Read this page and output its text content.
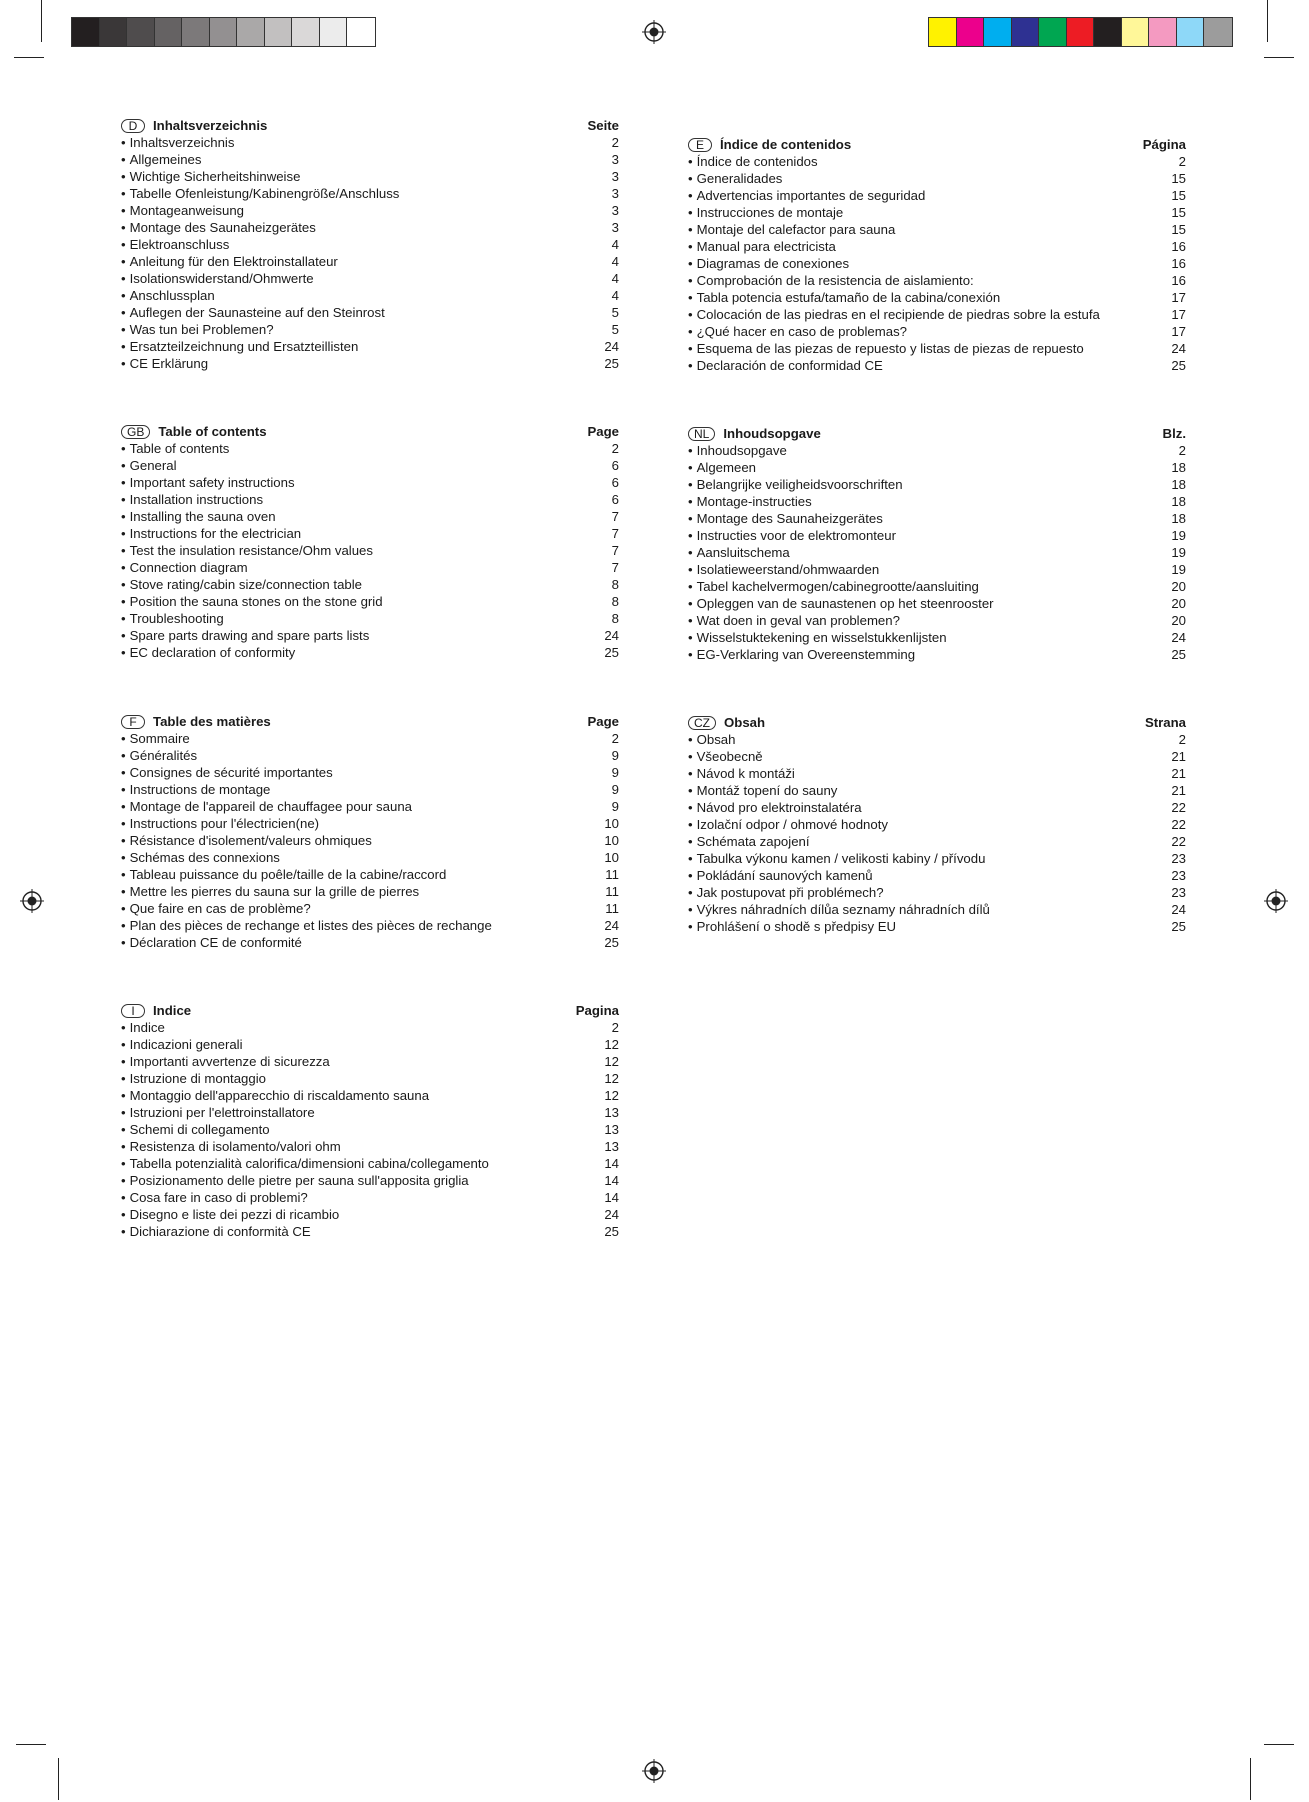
D	Inhaltsverzeichnis	Seite
• Inhaltsverzeichnis	2
• Allgemeines	3
• Wichtige Sicherheitshinweise	3
• Tabelle Ofenleistung/Kabinengröße/Anschluss	3
• Montageanweisung	3
• Montage des Saunaheizgerätes	3
• Elektroanschluss	4
• Anleitung für den Elektroinstallateur	4
• Isolationswiderstand/Ohmwerte	4
• Anschlussplan	4
• Auflegen der Saunasteine auf den Steinrost	5
• Was tun bei Problemen?	5
• Ersatzteilzeichnung und Ersatzteillisten	24
• CE Erklärung	25
E	Índice de contenidos	Página
• Índice de contenidos	2
• Generalidades	15
• Advertencias importantes de seguridad	15
• Instrucciones de montaje	15
• Montaje del calefactor para sauna	15
• Manual para electricista	16
• Diagramas de conexiones	16
• Comprobación de la resistencia de aislamiento:	16
• Tabla potencia estufa/tamaño de la cabina/conexión	17
• Colocación de las piedras en el recipiende de piedras sobre la estufa	17
• ¿Qué hacer en caso de problemas?	17
• Esquema de las piezas de repuesto y listas de piezas de repuesto	24
• Declaración de conformidad CE	25
GB	Table of contents	Page
• Table of contents	2
• General	6
• Important safety instructions	6
• Installation instructions	6
• Installing the sauna oven	7
• Instructions for the electrician	7
• Test the insulation resistance/Ohm values	7
• Connection diagram	7
• Stove rating/cabin size/connection table	8
• Position the sauna stones on the stone grid	8
• Troubleshooting	8
• Spare parts drawing and spare parts lists	24
• EC declaration of conformity	25
NL	Inhoudsopgave	Blz.
• Inhoudsopgave	2
• Algemeen	18
• Belangrijke veiligheidsvoorschriften	18
• Montage-instructies	18
• Montage des Saunaheizgerätes	18
• Instructies voor de elektromonteur	19
• Aansluitschema	19
• Isolatieweerstand/ohmwaarden	19
• Tabel kachelvermogen/cabinegrootte/aansluiting	20
• Opleggen van de saunastenen op het steenrooster	20
• Wat doen in geval van problemen?	20
• Wisselstuktekening en wisselstukkenlijsten	24
• EG-Verklaring van Overeenstemming	25
F	Table des matières	Page
• Sommaire	2
• Généralités	9
• Consignes de sécurité importantes	9
• Instructions de montage	9
• Montage de l'appareil de chauffagee pour sauna	9
• Instructions pour l'électricien(ne)	10
• Résistance d'isolement/valeurs ohmiques	10
• Schémas des connexions	10
• Tableau puissance du poêle/taille de la cabine/raccord	11
• Mettre les pierres du sauna sur la grille de pierres	11
• Que faire en cas de problème?	11
• Plan des pièces de rechange et listes des pièces de rechange	24
• Déclaration CE de conformité	25
CZ	Obsah	Strana
• Obsah	2
• Všeobecně	21
• Návod k montáži	21
• Montáž topení do sauny	21
• Návod pro elektroinstalatéra	22
• Izolační odpor / ohmové hodnoty	22
• Schémata zapojení	22
• Tabulka výkonu kamen / velikosti kabiny / přívodu	23
• Pokládání saunových kamenů	23
• Jak postupovat při problémech?	23
• Výkres náhradních dílůa seznamy náhradních dílů	24
• Prohlášení o shodě s předpisy EU	25
I	Indice	Pagina
• Indice	2
• Indicazioni generali	12
• Importanti avvertenze di sicurezza	12
• Istruzione di montaggio	12
• Montaggio dell'apparecchio di riscaldamento sauna	12
• Istruzioni per l'elettroinstallatore	13
• Schemi di collegamento	13
• Resistenza di isolamento/valori ohm	13
• Tabella potenzialità calorifica/dimensioni cabina/collegamento	14
• Posizionamento delle pietre per sauna sull'apposita griglia	14
• Cosa fare in caso di problemi?	14
• Disegno e liste dei pezzi di ricambio	24
• Dichiarazione di conformità CE	25
